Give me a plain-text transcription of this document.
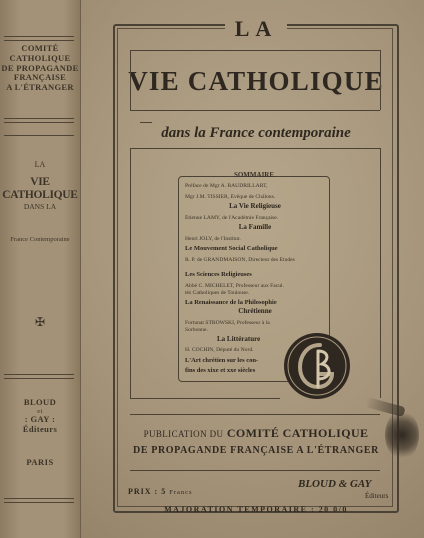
COMITÉ
CATHOLIQUE
DE PROPAGANDE
FRANÇAISE
A L'ÉTRANGER
LA
VIE CATHOLIQUE
DANS LA
France Contemporaine
✠
BLOUD
et
: GAY :
Éditeurs
PARIS
LA
VIE CATHOLIQUE
dans la France contemporaine
SOMMAIRE
Préface de Mgr A. BAUDRILLART,
Mgr J.M. TISSIER, Évêque de Châlons.
La Vie Religieuse
Étienne LAMY, de l'Académie Française.
La Famille
Henri JOLY, de l'Institut.
Le Mouvement Social Catholique
R. P. de GRANDMAISON, Directeur des Études
Les Sciences Religieuses
Abbé C. MICHELET, Professeur aux Facul.
tés Catholiques de Toulouse.
La Renaissance de la Philosophie
Chrétienne
Fortunat STROWSKI, Professeur à la
Sorbonne.
La Littérature
H. COCHIN, Député du Nord.
L'Art chrétien sur les con-
fins des xixe et xxe siècles
PUBLICATION DU COMITÉ CATHOLIQUE
DE PROPAGANDE FRANÇAISE A L'ÉTRANGER
PRIX : 5 Francs
BLOUD & GAY
Éditeurs
MAJORATION TEMPORAIRE : 20 0/0
